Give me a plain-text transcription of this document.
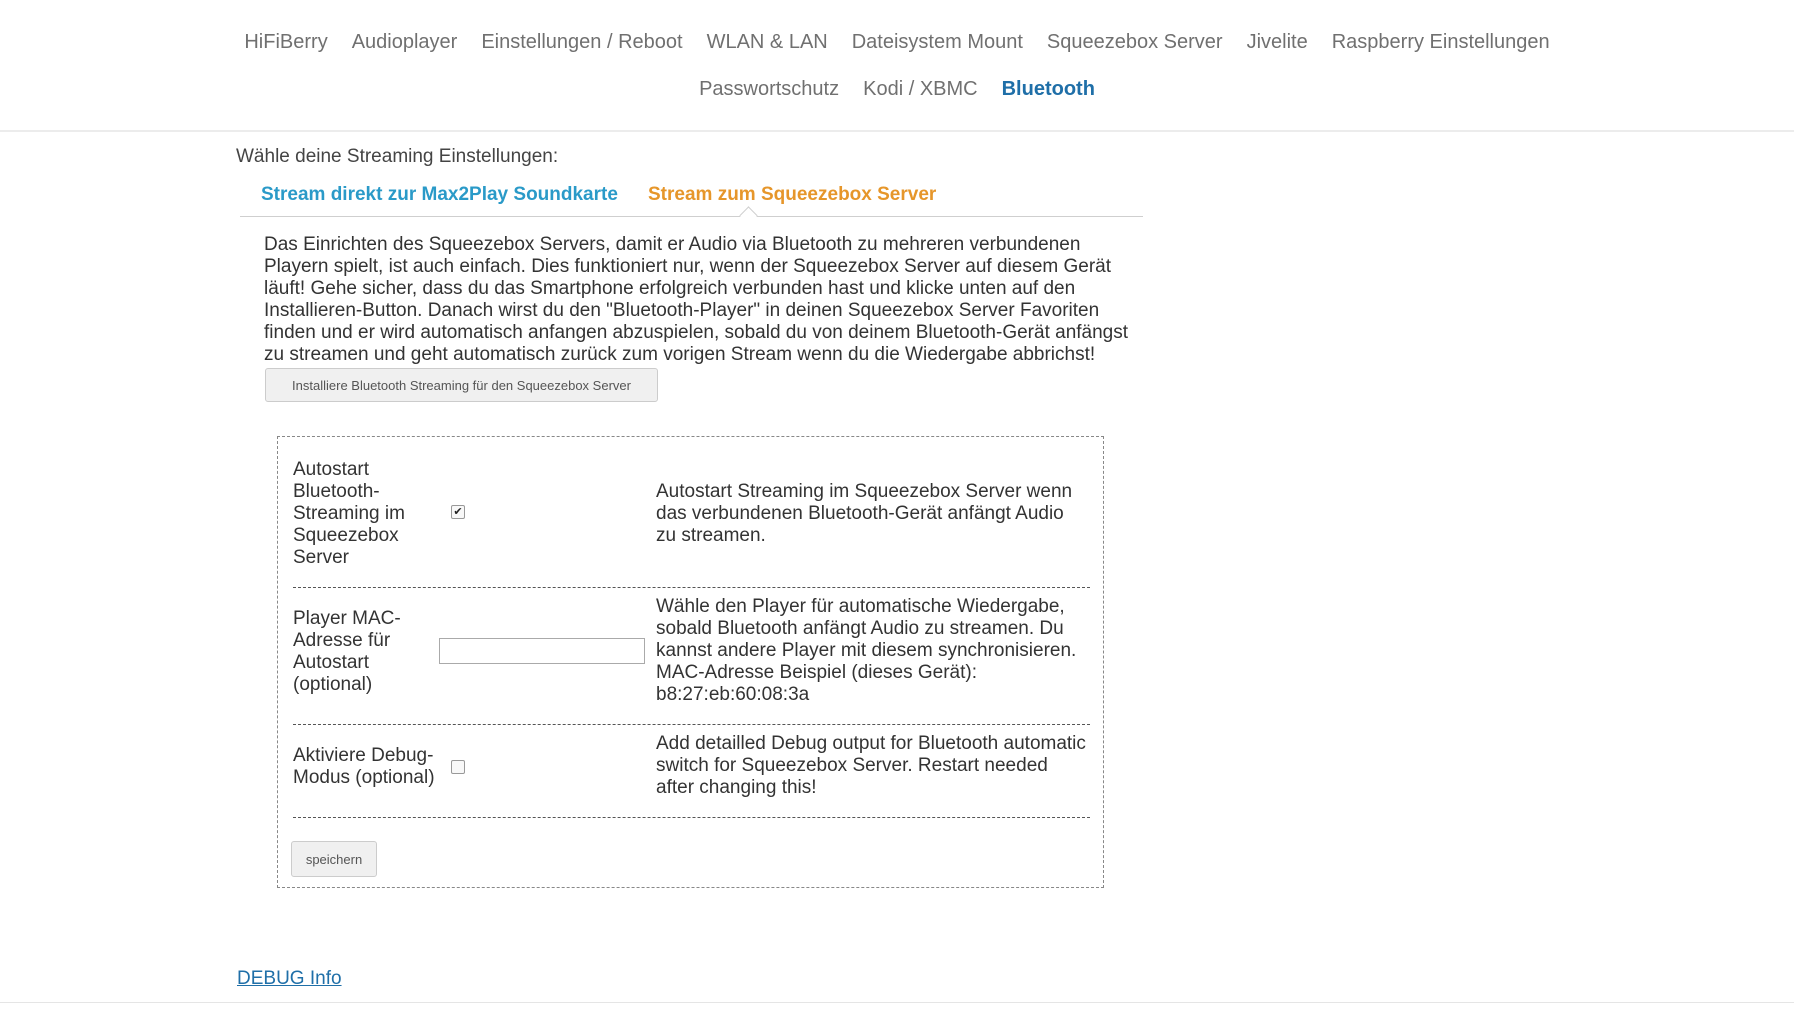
HiFiBerry Audioplayer Einstellungen / Reboot WLAN & LAN Dateisystem Mount Squeezebox Server Jivelite Raspberry Einstellungen
Passwortschutz Kodi / XBMC Bluetooth
Wähle deine Streaming Einstellungen:
Stream direkt zur Max2Play Soundkarte Stream zum Squeezebox Server
Das Einrichten des Squeezebox Servers, damit er Audio via Bluetooth zu mehreren verbundenen Playern spielt, ist auch einfach. Dies funktioniert nur, wenn der Squeezebox Server auf diesem Gerät läuft! Gehe sicher, dass du das Smartphone erfolgreich verbunden hast und klicke unten auf den Installieren-Button. Danach wirst du den "Bluetooth-Player" in deinen Squeezebox Server Favoriten finden und er wird automatisch anfangen abzuspielen, sobald du von deinem Bluetooth-Gerät anfängst zu streamen und geht automatisch zurück zum vorigen Stream wenn du die Wiedergabe abbrichst!
Installiere Bluetooth Streaming für den Squeezebox Server
Autostart Bluetooth-Streaming im Squeezebox Server
✔
Autostart Streaming im Squeezebox Server wenn das verbundenen Bluetooth-Gerät anfängt Audio zu streamen.
Player MAC-Adresse für Autostart (optional)
Wähle den Player für automatische Wiedergabe, sobald Bluetooth anfängt Audio zu streamen. Du kannst andere Player mit diesem synchronisieren. MAC-Adresse Beispiel (dieses Gerät): b8:27:eb:60:08:3a
Aktiviere Debug-Modus (optional)
Add detailled Debug output for Bluetooth automatic switch for Squeezebox Server. Restart needed after changing this!
speichern
DEBUG Info
